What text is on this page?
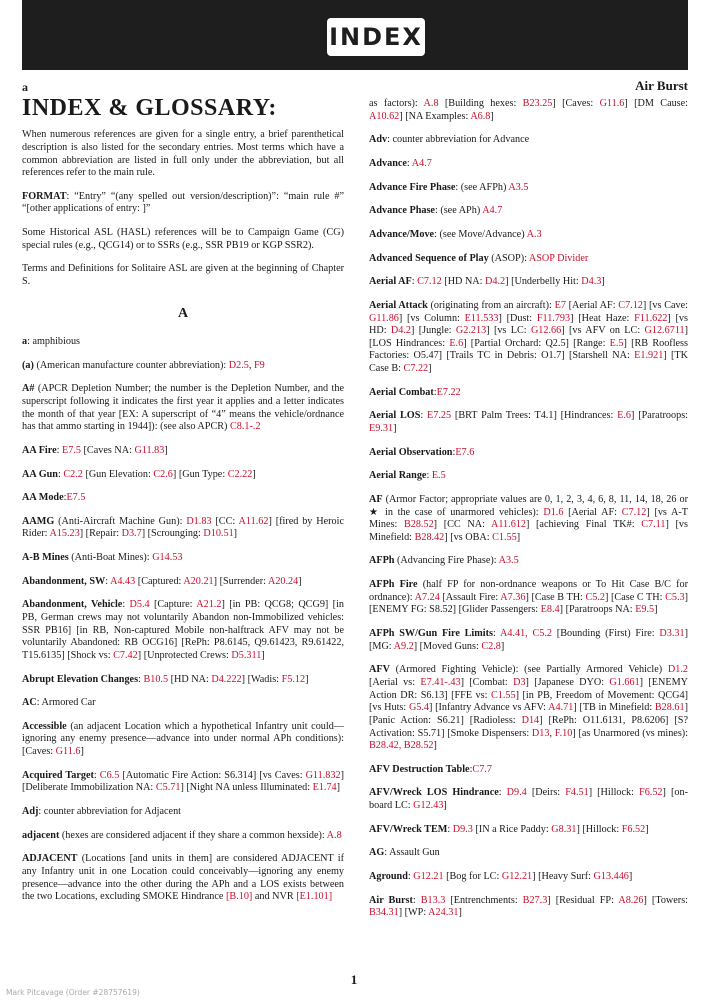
INDEX
a
INDEX & GLOSSARY:
When numerous references are given for a single entry, a brief parenthetical description is also listed for the secondary entries. Most terms which have a common abbreviation are listed in full only under the abbreviation, but all references refer to the main rule.
FORMAT: “Entry” “(any spelled out version/description)”: “main rule #” “[other applications of entry: ]”
Some Historical ASL (HASL) references will be to Campaign Game (CG) special rules (e.g., QCG14) or to SSRs (e.g., SSR PB19 or KGP SSR2).
Terms and Definitions for Solitaire ASL are given at the beginning of Chapter S.
A
a: amphibious
(a) (American manufacture counter abbreviation): D2.5, F9
A# (APCR Depletion Number; the number is the Depletion Number, and the superscript following it indicates the first year it applies and a letter indicates the month of that year [EX: A superscript of “4” means the vehicle/ordnance has that ammo starting in 1944]): (see also APCR) C8.1-.2
AA Fire: E7.5 [Caves NA: G11.83]
AA Gun: C2.2 [Gun Elevation: C2.6] [Gun Type: C2.22]
AA Mode:E7.5
AAMG (Anti-Aircraft Machine Gun): D1.83 [CC: A11.62] [fired by Heroic Rider: A15.23] [Repair: D3.7] [Scrounging: D10.51]
A-B Mines (Anti-Boat Mines): G14.53
Abandonment, SW: A4.43 [Captured: A20.21] [Surrender: A20.24]
Abandonment, Vehicle: D5.4 [Capture: A21.2] [in PB: QCG8; QCG9] [in PB, German crews may not voluntarily Abandon non-Immobilized vehicles: SSR PB16] [in RB, Non-captured Mobile non-halftrack AFV may not be voluntarily Abandoned: RB OCG16] [RePh: P8.6145, Q9.61423, R9.61422, T15.6135] [Shock vs: C7.42] [Unprotected Crews: D5.311]
Abrupt Elevation Changes: B10.5 [HD NA: D4.222] [Wadis: F5.12]
AC: Armored Car
Accessible (an adjacent Location which a hypothetical Infantry unit could—ignoring any enemy presence—advance into under normal APh conditions): [Caves: G11.6]
Acquired Target: C6.5 [Automatic Fire Action: S6.314] [vs Caves: G11.832] [Deliberate Immobilization NA: C5.71] [Night NA unless Illuminated: E1.74]
Adj: counter abbreviation for Adjacent
adjacent (hexes are considered adjacent if they share a common hexside): A.8
ADJACENT (Locations [and units in them] are considered ADJACENT if any Infantry unit in one Location could conceivably—ignoring any enemy presence—advance into the other during the APh and a LOS exists between the two Locations, excluding SMOKE Hindrance [B.10] and NVR [E1.101]
Air Burst
as factors): A.8 [Building hexes: B23.25] [Caves: G11.6] [DM Cause: A10.62] [NA Examples: A6.8]
Adv: counter abbreviation for Advance
Advance: A4.7
Advance Fire Phase: (see AFPh) A3.5
Advance Phase: (see APh) A4.7
Advance/Move: (see Move/Advance) A.3
Advanced Sequence of Play (ASOP): ASOP Divider
Aerial AF: C7.12 [HD NA: D4.2] [Underbelly Hit: D4.3]
Aerial Attack (originating from an aircraft): E7 [Aerial AF: C7.12] [vs Cave: G11.86] [vs Column: E11.533] [Dust: F11.793] [Heat Haze: F11.622] [vs HD: D4.2] [Jungle: G2.213] [vs LC: G12.66] [vs AFV on LC: G12.6711] [LOS Hindrances: E.6] [Partial Orchard: Q2.5] [Range: E.5] [RB Roofless Factories: O5.47] [Trails TC in Debris: O1.7] [Starshell NA: E1.921] [TK Case B: C7.22]
Aerial Combat:E7.22
Aerial LOS: E7.25 [BRT Palm Trees: T4.1] [Hindrances: E.6] [Paratroops: E9.31]
Aerial Observation:E7.6
Aerial Range: E.5
AF (Armor Factor; appropriate values are 0, 1, 2, 3, 4, 6, 8, 11, 14, 18, 26 or ★ in the case of unarmored vehicles): D1.6 [Aerial AF: C7.12] [vs A-T Mines: B28.52] [CC NA: A11.612] [achieving Final TK#: C7.11] [vs Minefield: B28.42] [vs OBA: C1.55]
AFPh (Advancing Fire Phase): A3.5
AFPh Fire (half FP for non-ordnance weapons or To Hit Case B/C for ordnance): A7.24 [Assault Fire: A7.36] [Case B TH: C5.2] [Case C TH: C5.3] [ENEMY FG: S8.52] [Glider Passengers: E8.4] [Paratroops NA: E9.5]
AFPh SW/Gun Fire Limits: A4.41, C5.2 [Bounding (First) Fire: D3.31] [MG: A9.2] [Moved Guns: C2.8]
AFV (Armored Fighting Vehicle): (see Partially Armored Vehicle) D1.2 [Aerial vs: E7.41-.43] [Combat: D3] [Japanese DYO: G1.661] [ENEMY Action DR: S6.13] [FFE vs: C1.55] [in PB, Freedom of Movement: QCG4] [vs Huts: G5.4] [Infantry Advance vs AFV: A4.71] [TB in Minefield: B28.61] [Panic Action: S6.21] [Radioless: D14] [RePh: O11.6131, P8.6206] [S? Activation: S5.71] [Smoke Dispensers: D13, F.10] [as Unarmored (vs mines): B28.42, B28.52]
AFV Destruction Table:C7.7
AFV/Wreck LOS Hindrance: D9.4 [Deirs: F4.51] [Hillock: F6.52] [on-board LC: G12.43]
AFV/Wreck TEM: D9.3 [IN a Rice Paddy: G8.31] [Hillock: F6.52]
AG: Assault Gun
Aground: G12.21 [Bog for LC: G12.21] [Heavy Surf: G13.446]
Air Burst: B13.3 [Entrenchments: B27.3] [Residual FP: A8.26] [Towers: B34.31] [WP: A24.31]
1
Mark Pitcavage (Order #28757619)
